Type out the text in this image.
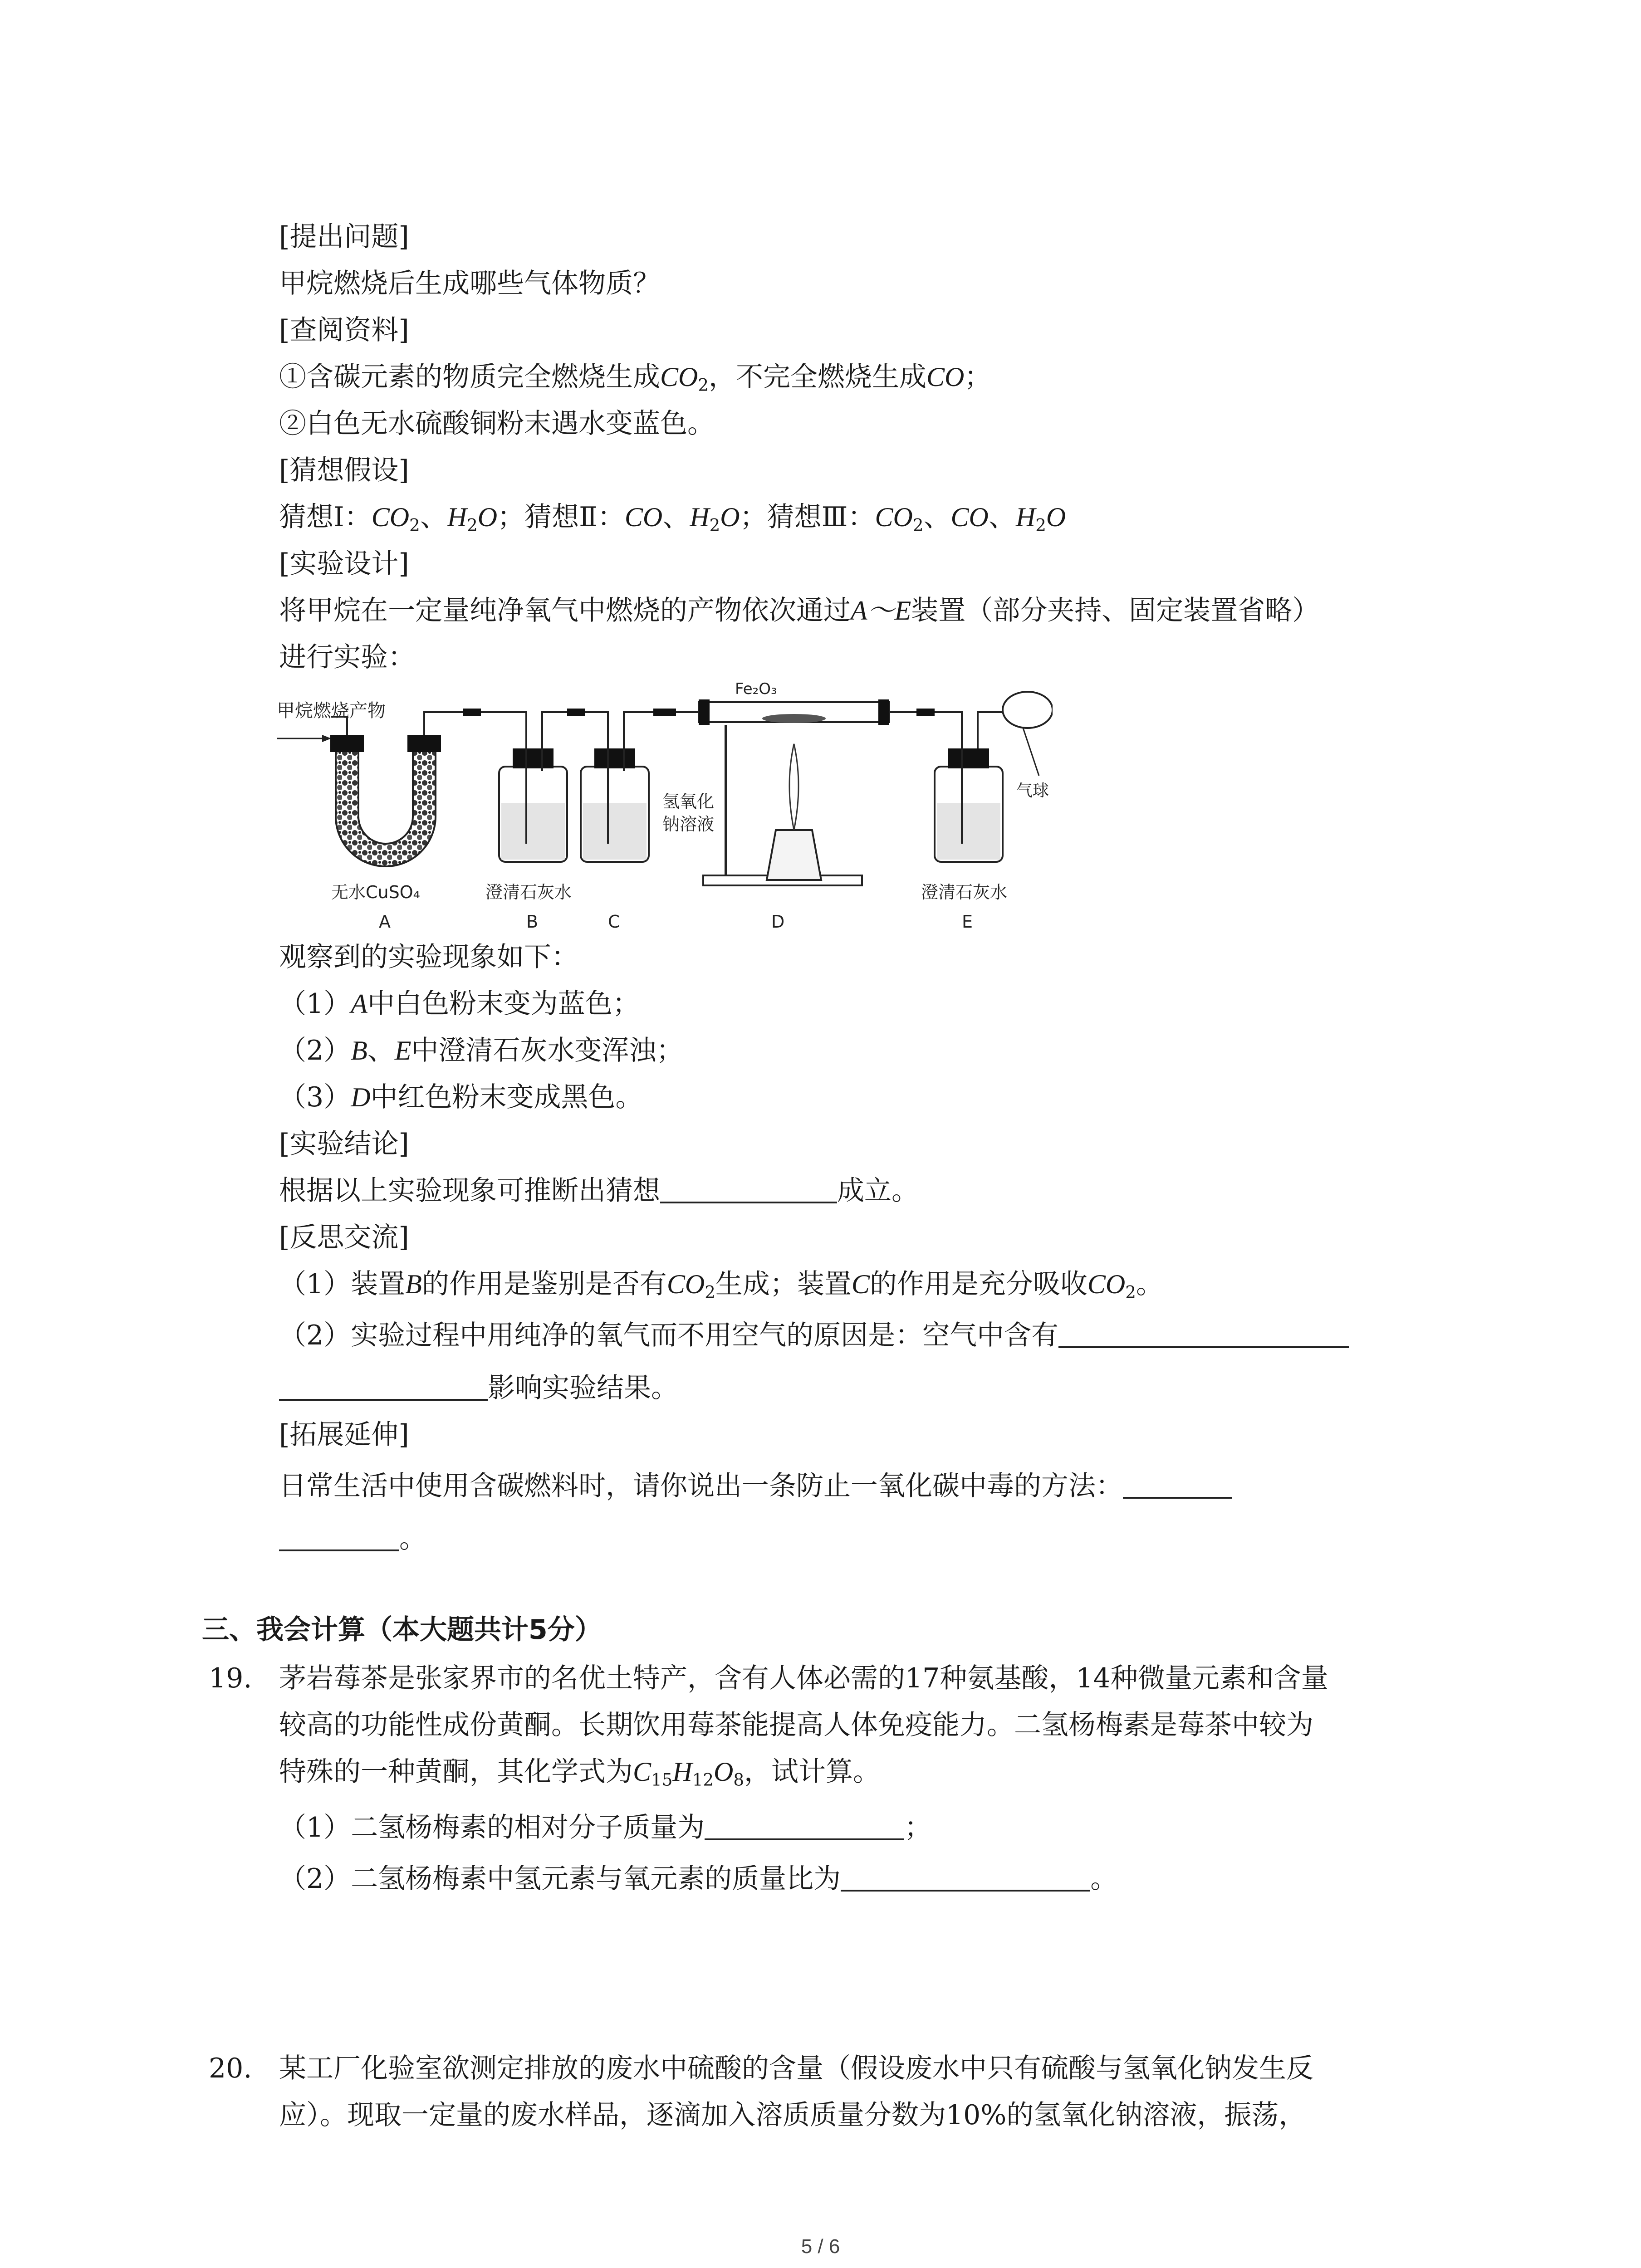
[提出问题]
甲烷燃烧后生成哪些气体物质？
[查阅资料]
①含碳元素的物质完全燃烧生成$CO_2$，不完全燃烧生成CO；
②白色无水硫酸铜粉末遇水变蓝色。
[猜想假设]
猜想Ⅰ：$CO_2$、$H_2O$；猜想Ⅱ：CO、$H_2O$；猜想Ⅲ：$CO_2$、CO、$H_2O$
[实验设计]
将甲烷在一定量纯净氧气中燃烧的产物依次通过A～E装置（部分夹持、固定装置省略）
进行实验：
甲烷燃烧产物
无水CuSO₄	澄清石灰水
氢氧化
钠溶液
Fe₂O₃
气球
澄清石灰水
A	B	C	D	E
观察到的实验现象如下：
（1）A中白色粉末变为蓝色；
（2）B、E中澄清石灰水变浑浊；
（3）D中红色粉末变成黑色。
[实验结论]
根据以上实验现象可推断出猜想	成立。
[反思交流]
（1）装置B的作用是鉴别是否有$CO_2$生成；装置C的作用是充分吸收$CO_2$。
（2）实验过程中用纯净的氧气而不用空气的原因是：空气中含有
影响实验结果。
[拓展延伸]
日常生活中使用含碳燃料时，请你说出一条防止一氧化碳中毒的方法：
。
三、我会计算（本大题共计5分）
19. 茅岩莓茶是张家界市的名优土特产，含有人体必需的17种氨基酸，14种微量元素和含量
较高的功能性成份黄酮。长期饮用莓茶能提高人体免疫能力。二氢杨梅素是莓茶中较为
特殊的一种黄酮，其化学式为$C_{15}H_{12}O_8$，试计算。
（1）二氢杨梅素的相对分子质量为	；
（2）二氢杨梅素中氢元素与氧元素的质量比为	。
20. 某工厂化验室欲测定排放的废水中硫酸的含量（假设废水中只有硫酸与氢氧化钠发生反
应）。现取一定量的废水样品，逐滴加入溶质质量分数为10%的氢氧化钠溶液，振荡，
5 / 6
